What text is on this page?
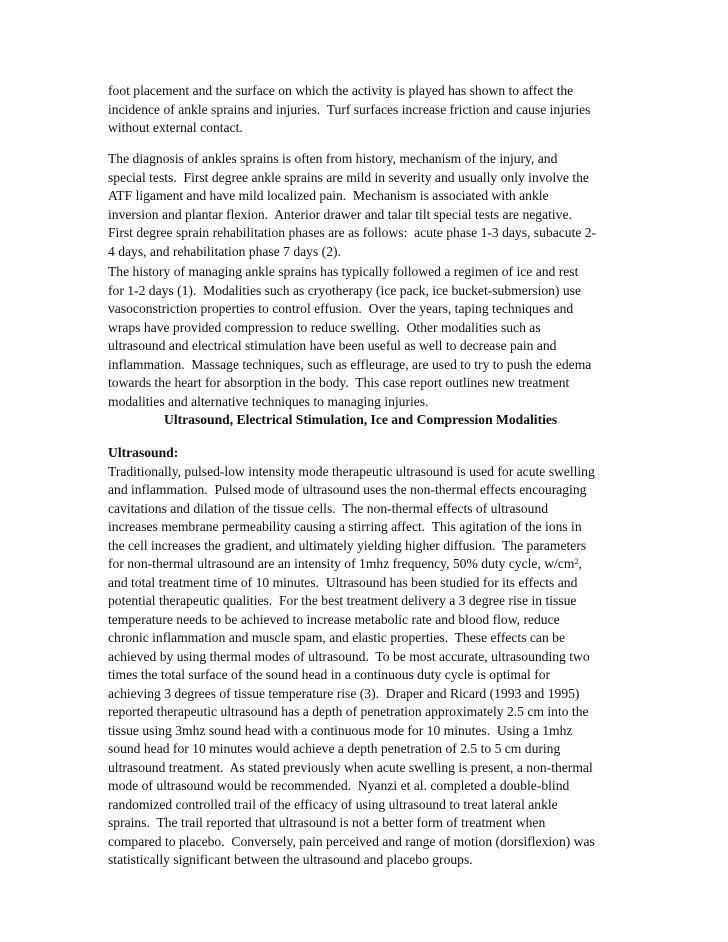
foot placement and the surface on which the activity is played has shown to affect the
incidence of ankle sprains and injuries.  Turf surfaces increase friction and cause injuries
without external contact.
The diagnosis of ankles sprains is often from history, mechanism of the injury, and
special tests.  First degree ankle sprains are mild in severity and usually only involve the
ATF ligament and have mild localized pain.  Mechanism is associated with ankle
inversion and plantar flexion.  Anterior drawer and talar tilt special tests are negative.
First degree sprain rehabilitation phases are as follows:  acute phase 1-3 days, subacute 2-
4 days, and rehabilitation phase 7 days (2).
The history of managing ankle sprains has typically followed a regimen of ice and rest
for 1-2 days (1).  Modalities such as cryotherapy (ice pack, ice bucket-submersion) use
vasoconstriction properties to control effusion.  Over the years, taping techniques and
wraps have provided compression to reduce swelling.  Other modalities such as
ultrasound and electrical stimulation have been useful as well to decrease pain and
inflammation.  Massage techniques, such as effleurage, are used to try to push the edema
towards the heart for absorption in the body.  This case report outlines new treatment
modalities and alternative techniques to managing injuries.
Ultrasound, Electrical Stimulation, Ice and Compression Modalities
Ultrasound:
Traditionally, pulsed-low intensity mode therapeutic ultrasound is used for acute swelling
and inflammation.  Pulsed mode of ultrasound uses the non-thermal effects encouraging
cavitations and dilation of the tissue cells.  The non-thermal effects of ultrasound
increases membrane permeability causing a stirring affect.  This agitation of the ions in
the cell increases the gradient, and ultimately yielding higher diffusion.  The parameters
for non-thermal ultrasound are an intensity of 1mhz frequency, 50% duty cycle, $w/cm^2$,
and total treatment time of 10 minutes.  Ultrasound has been studied for its effects and
potential therapeutic qualities.  For the best treatment delivery a 3 degree rise in tissue
temperature needs to be achieved to increase metabolic rate and blood flow, reduce
chronic inflammation and muscle spam, and elastic properties.  These effects can be
achieved by using thermal modes of ultrasound.  To be most accurate, ultrasounding two
times the total surface of the sound head in a continuous duty cycle is optimal for
achieving 3 degrees of tissue temperature rise (3).  Draper and Ricard (1993 and 1995)
reported therapeutic ultrasound has a depth of penetration approximately 2.5 cm into the
tissue using 3mhz sound head with a continuous mode for 10 minutes.  Using a 1mhz
sound head for 10 minutes would achieve a depth penetration of 2.5 to 5 cm during
ultrasound treatment.  As stated previously when acute swelling is present, a non-thermal
mode of ultrasound would be recommended.  Nyanzi et al. completed a double-blind
randomized controlled trail of the efficacy of using ultrasound to treat lateral ankle
sprains.  The trail reported that ultrasound is not a better form of treatment when
compared to placebo.  Conversely, pain perceived and range of motion (dorsiflexion) was
statistically significant between the ultrasound and placebo groups.
